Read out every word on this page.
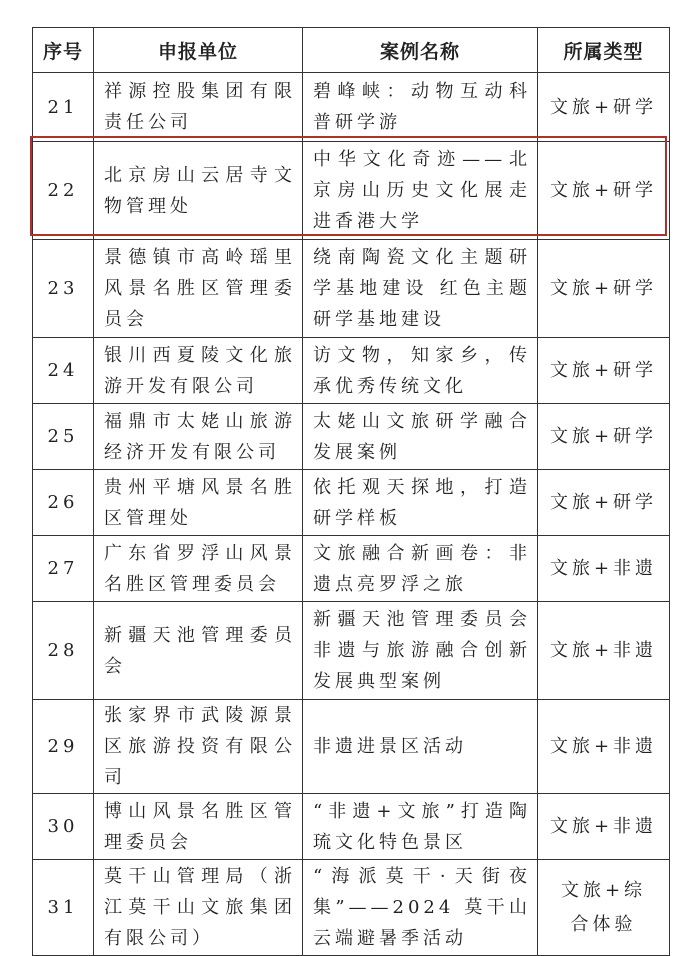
序号	申报单位	案例名称	所属类型
21	祥源控股集团有限责任公司	碧峰峡：动物互动科普研学游	文旅+研学
22	北京房山云居寺文物管理处	中华文化奇迹——北京房山历史文化展走进香港大学	文旅+研学
23	景德镇市高岭瑶里风景名胜区管理委员会	绕南陶瓷文化主题研学基地建设 红色主题研学基地建设	文旅+研学
24	银川西夏陵文化旅游开发有限公司	访文物，知家乡，传承优秀传统文化	文旅+研学
25	福鼎市太姥山旅游经济开发有限公司	太姥山文旅研学融合发展案例	文旅+研学
26	贵州平塘风景名胜区管理处	依托观天探地，打造研学样板	文旅+研学
27	广东省罗浮山风景名胜区管理委员会	文旅融合新画卷：非遗点亮罗浮之旅	文旅+非遗
28	新疆天池管理委员会	新疆天池管理委员会非遗与旅游融合创新发展典型案例	文旅+非遗
29	张家界市武陵源景区旅游投资有限公司	非遗进景区活动	文旅+非遗
30	博山风景名胜区管理委员会	“非遗+文旅”打造陶琉文化特色景区	文旅+非遗
31	莫干山管理局（浙江莫干山文旅集团有限公司）	“海派莫干·天街夜集”——2024 莫干山云端避暑季活动	文旅+综合体验
